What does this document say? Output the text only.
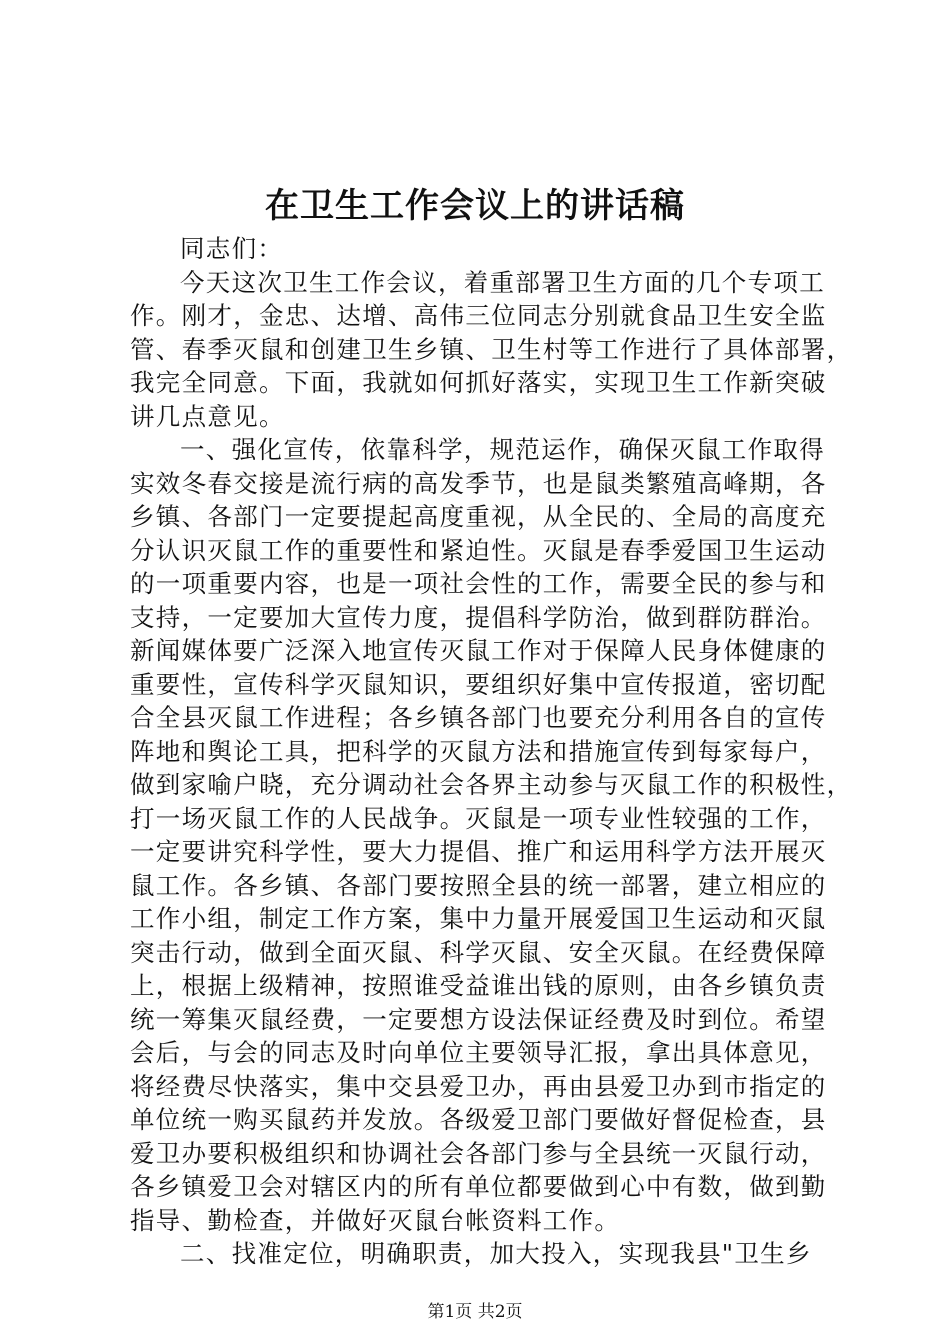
在卫生工作会议上的讲话稿
同志们：
今天这次卫生工作会议，着重部署卫生方面的几个专项工
作。刚才，金忠、达增、高伟三位同志分别就食品卫生安全监
管、春季灭鼠和创建卫生乡镇、卫生村等工作进行了具体部署，
我完全同意。下面，我就如何抓好落实，实现卫生工作新突破
讲几点意见。
一、强化宣传，依靠科学，规范运作，确保灭鼠工作取得
实效冬春交接是流行病的高发季节，也是鼠类繁殖高峰期，各
乡镇、各部门一定要提起高度重视，从全民的、全局的高度充
分认识灭鼠工作的重要性和紧迫性。灭鼠是春季爱国卫生运动
的一项重要内容，也是一项社会性的工作，需要全民的参与和
支持，一定要加大宣传力度，提倡科学防治，做到群防群治。
新闻媒体要广泛深入地宣传灭鼠工作对于保障人民身体健康的
重要性，宣传科学灭鼠知识，要组织好集中宣传报道，密切配
合全县灭鼠工作进程；各乡镇各部门也要充分利用各自的宣传
阵地和舆论工具，把科学的灭鼠方法和措施宣传到每家每户，
做到家喻户晓，充分调动社会各界主动参与灭鼠工作的积极性，
打一场灭鼠工作的人民战争。灭鼠是一项专业性较强的工作，
一定要讲究科学性，要大力提倡、推广和运用科学方法开展灭
鼠工作。各乡镇、各部门要按照全县的统一部署，建立相应的
工作小组，制定工作方案，集中力量开展爱国卫生运动和灭鼠
突击行动，做到全面灭鼠、科学灭鼠、安全灭鼠。在经费保障
上，根据上级精神，按照谁受益谁出钱的原则，由各乡镇负责
统一筹集灭鼠经费，一定要想方设法保证经费及时到位。希望
会后，与会的同志及时向单位主要领导汇报，拿出具体意见，
将经费尽快落实，集中交县爱卫办，再由县爱卫办到市指定的
单位统一购买鼠药并发放。各级爱卫部门要做好督促检查，县
爱卫办要积极组织和协调社会各部门参与全县统一灭鼠行动，
各乡镇爱卫会对辖区内的所有单位都要做到心中有数，做到勤
指导、勤检查，并做好灭鼠台帐资料工作。
二、找准定位，明确职责，加大投入，实现我县"卫生乡
第1页 共2页
